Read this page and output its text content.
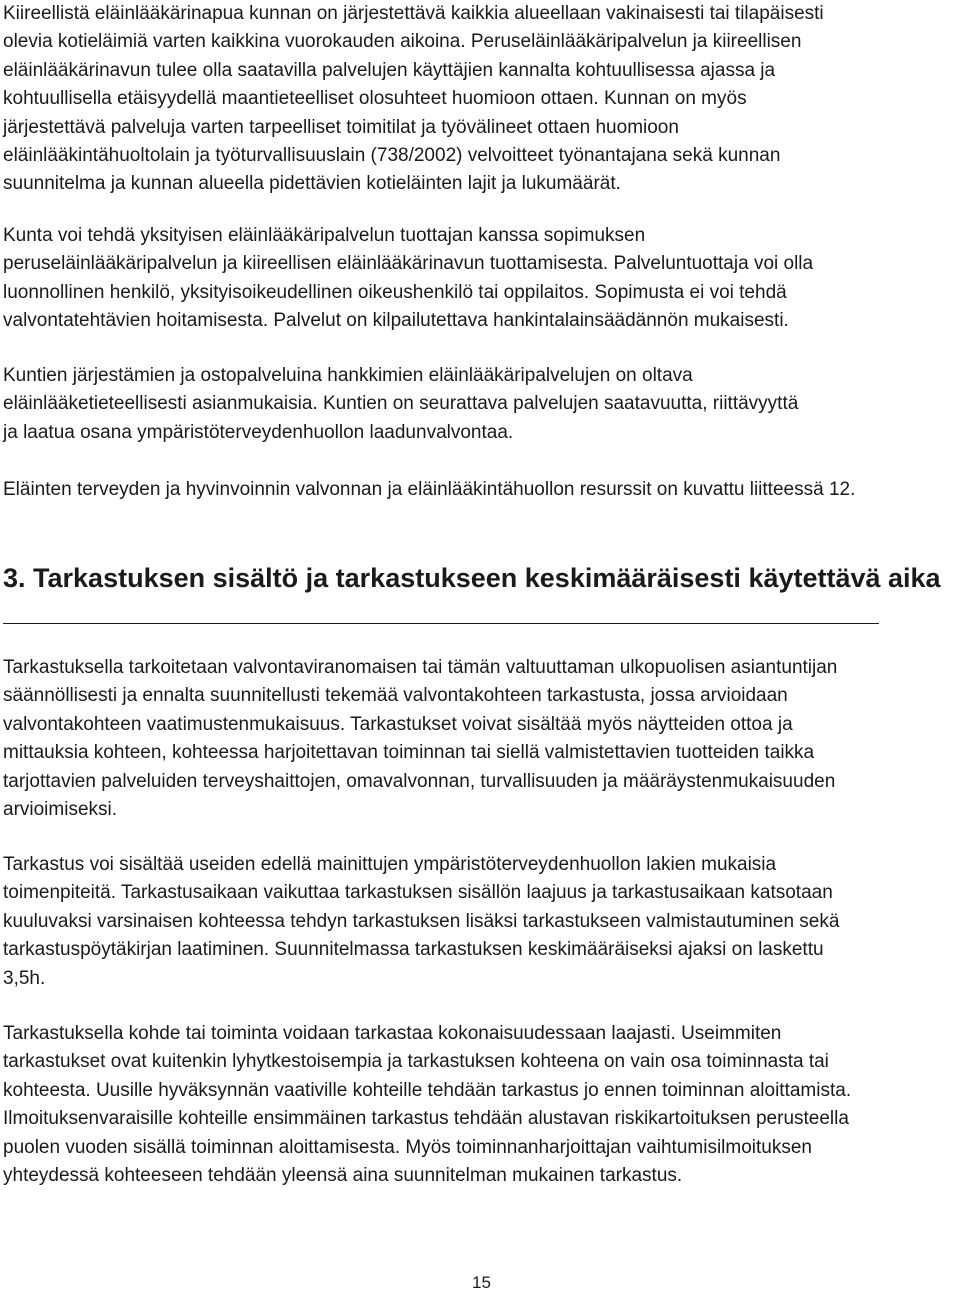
Kiireellistä eläinlääkärinapua kunnan on järjestettävä kaikkia alueellaan vakinaisesti tai tilapäisesti
olevia kotieläimiä varten kaikkina vuorokauden aikoina. Peruseläinlääkäripalvelun ja kiireellisen
eläinlääkärinavun tulee olla saatavilla palvelujen käyttäjien kannalta kohtuullisessa ajassa ja
kohtuullisella etäisyydellä maantieteelliset olosuhteet huomioon ottaen. Kunnan on myös
järjestettävä palveluja varten tarpeelliset toimitilat ja työvälineet ottaen huomioon
eläinlääkintähuoltolain ja työturvallisuuslain (738/2002) velvoitteet työnantajana sekä kunnan
suunnitelma ja kunnan alueella pidettävien kotieläinten lajit ja lukumäärät.
Kunta voi tehdä yksityisen eläinlääkäripalvelun tuottajan kanssa sopimuksen
peruseläinlääkäripalvelun ja kiireellisen eläinlääkärinavun tuottamisesta. Palveluntuottaja voi olla
luonnollinen henkilö, yksityisoikeudellinen oikeushenkilö tai oppilaitos. Sopimusta ei voi tehdä
valvontatehtävien hoitamisesta. Palvelut on kilpailutettava hankintalainsäädännön mukaisesti.
Kuntien järjestämien ja ostopalveluina hankkimien eläinlääkäripalvelujen on oltava
eläinlääketieteellisesti asianmukaisia. Kuntien on seurattava palvelujen saatavuutta, riittävyyttä
ja laatua osana ympäristöterveydenhuollon laadunvalvontaa.
Eläinten terveyden ja hyvinvoinnin valvonnan ja eläinlääkintähuollon resurssit on kuvattu liitteessä 12.
3. Tarkastuksen sisältö ja tarkastukseen keskimääräisesti käytettävä aika
Tarkastuksella tarkoitetaan valvontaviranomaisen tai tämän valtuuttaman ulkopuolisen asiantuntijan
säännöllisesti ja ennalta suunnitellusti tekemää valvontakohteen tarkastusta, jossa arvioidaan
valvontakohteen vaatimustenmukaisuus. Tarkastukset voivat sisältää myös näytteiden ottoa ja
mittauksia kohteen, kohteessa harjoitettavan toiminnan tai siellä valmistettavien tuotteiden taikka
tarjottavien palveluiden terveyshaittojen, omavalvonnan, turvallisuuden ja määräystenmukaisuuden
arvioimiseksi.
Tarkastus voi sisältää useiden edellä mainittujen ympäristöterveydenhuollon lakien mukaisia
toimenpiteitä. Tarkastusaikaan vaikuttaa tarkastuksen sisällön laajuus ja tarkastusaikaan katsotaan
kuuluvaksi varsinaisen kohteessa tehdyn tarkastuksen lisäksi tarkastukseen valmistautuminen sekä
tarkastuspöytäkirjan laatiminen. Suunnitelmassa tarkastuksen keskimääräiseksi ajaksi on laskettu
3,5h.
Tarkastuksella kohde tai toiminta voidaan tarkastaa kokonaisuudessaan laajasti. Useimmiten
tarkastukset ovat kuitenkin lyhytkestoisempia ja tarkastuksen kohteena on vain osa toiminnasta tai
kohteesta. Uusille hyväksynnän vaativille kohteille tehdään tarkastus jo ennen toiminnan aloittamista.
Ilmoituksenvaraisille kohteille ensimmäinen tarkastus tehdään alustavan riskikartoituksen perusteella
puolen vuoden sisällä toiminnan aloittamisesta. Myös toiminnanharjoittajan vaihtumisilmoituksen
yhteydessä kohteeseen tehdään yleensä aina suunnitelman mukainen tarkastus.
15
